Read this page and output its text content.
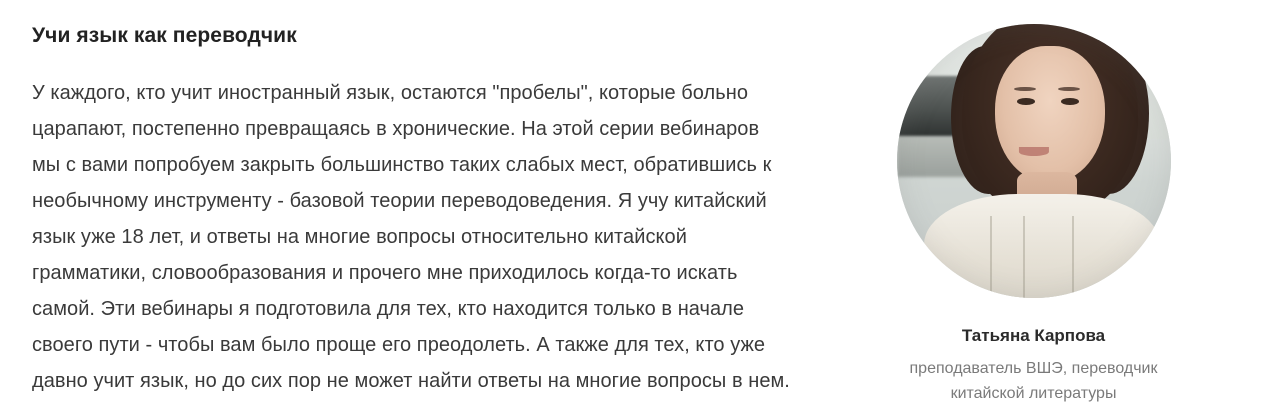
Учи язык как переводчик

У каждого, кто учит иностранный язык, остаются "пробелы", которые больно царапают, постепенно превращаясь в хронические. На этой серии вебинаров мы с вами попробуем закрыть большинство таких слабых мест, обратившись к необычному инструменту - базовой теории переводоведения. Я учу китайский язык уже 18 лет, и ответы на многие вопросы относительно китайской грамматики, словообразования и прочего мне приходилось когда-то искать самой. Эти вебинары я подготовила для тех, кто находится только в начале своего пути - чтобы вам было проще его преодолеть. А также для тех, кто уже давно учит язык, но до сих пор не может найти ответы на многие вопросы в нем.

Татьяна Карпова
преподаватель ВШЭ, переводчик
китайской литературы
